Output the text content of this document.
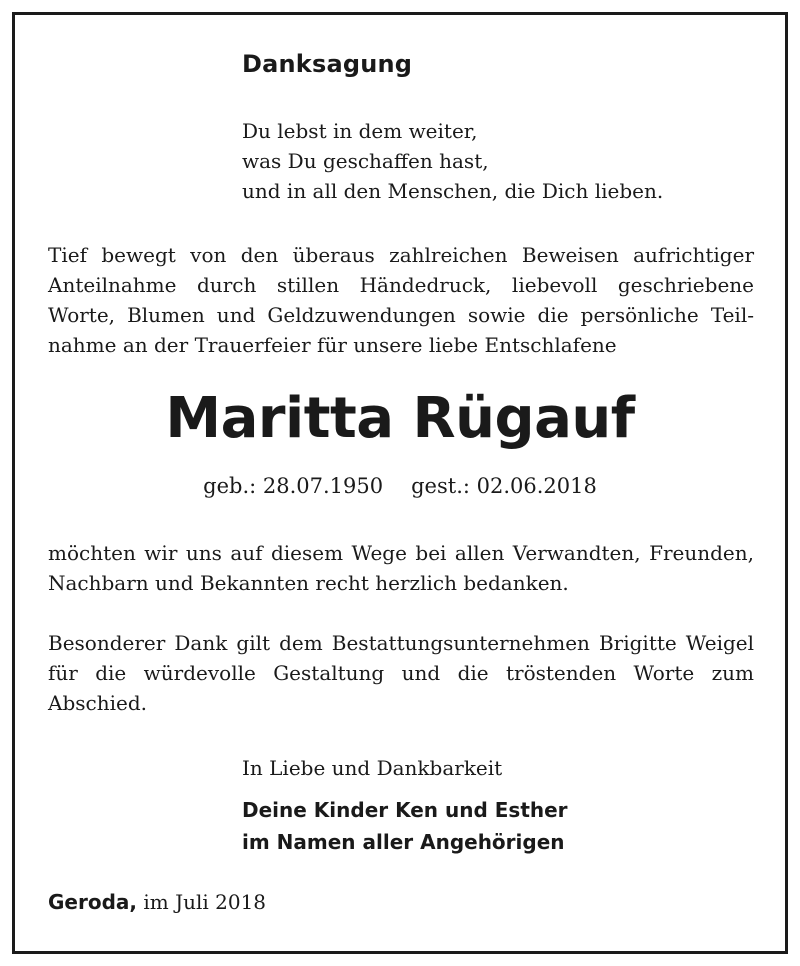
Danksagung
Du lebst in dem weiter,
was Du geschaffen hast,
und in all den Menschen, die Dich lieben.
Tief bewegt von den überaus zahlreichen Beweisen aufrichtiger
Anteilnahme durch stillen Händedruck, liebevoll geschriebene
Worte, Blumen und Geldzuwendungen sowie die persönliche Teil-
nahme an der Trauerfeier für unsere liebe Entschlafene
Maritta Rügauf
geb.: 28.07.1950 gest.: 02.06.2018
möchten wir uns auf diesem Wege bei allen Verwandten, Freunden,
Nachbarn und Bekannten recht herzlich bedanken.
Besonderer Dank gilt dem Bestattungsunternehmen Brigitte Weigel
für die würdevolle Gestaltung und die tröstenden Worte zum
Abschied.
In Liebe und Dankbarkeit
Deine Kinder Ken und Esther
im Namen aller Angehörigen
Geroda, im Juli 2018
